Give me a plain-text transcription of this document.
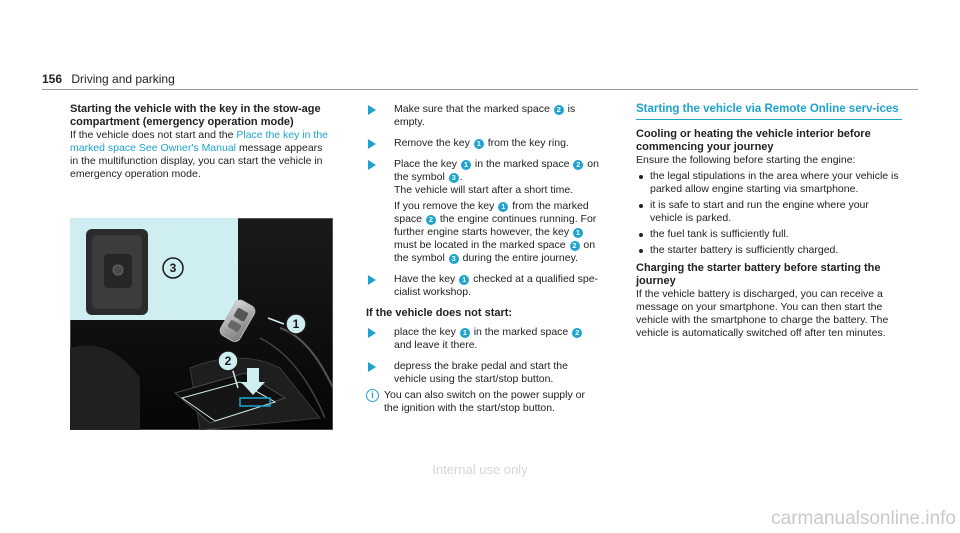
156 Driving and parking
Starting the vehicle with the key in the stow-age compartment (emergency operation mode)

If the vehicle does not start and the Place the key in the marked space See Owner's Manual message appears in the multifunction display, you can start the vehicle in emergency operation mode.

3
1
2
Make sure that the marked space 2 is empty.
Remove the key 1 from the key ring.
Place the key 1 in the marked space 2 on the symbol 3 .
The vehicle will start after a short time.
If you remove the key 1 from the marked space 2 the engine continues running. For further engine starts however, the key 1 must be located in the marked space 2 on the symbol 3 during the entire journey.
Have the key 1 checked at a qualified spe-cialist workshop.
If the vehicle does not start:
place the key 1 in the marked space 2 and leave it there.
depress the brake pedal and start the vehicle using the start/stop button.
i You can also switch on the power supply or the ignition with the start/stop button.
Starting the vehicle via Remote Online serv-ices
Cooling or heating the vehicle interior before commencing your journey

Ensure the following before starting the engine:

the legal stipulations in the area where your vehicle is parked allow engine starting via smartphone.
it is safe to start and run the engine where your vehicle is parked.
the fuel tank is sufficiently full.
the starter battery is sufficiently charged.
Charging the starter battery before starting the journey

If the vehicle battery is discharged, you can receive a message on your smartphone. You can then start the vehicle with the smartphone to charge the battery. The vehicle is automatically switched off after ten minutes.

Internal use only
carmanualsonline.info
